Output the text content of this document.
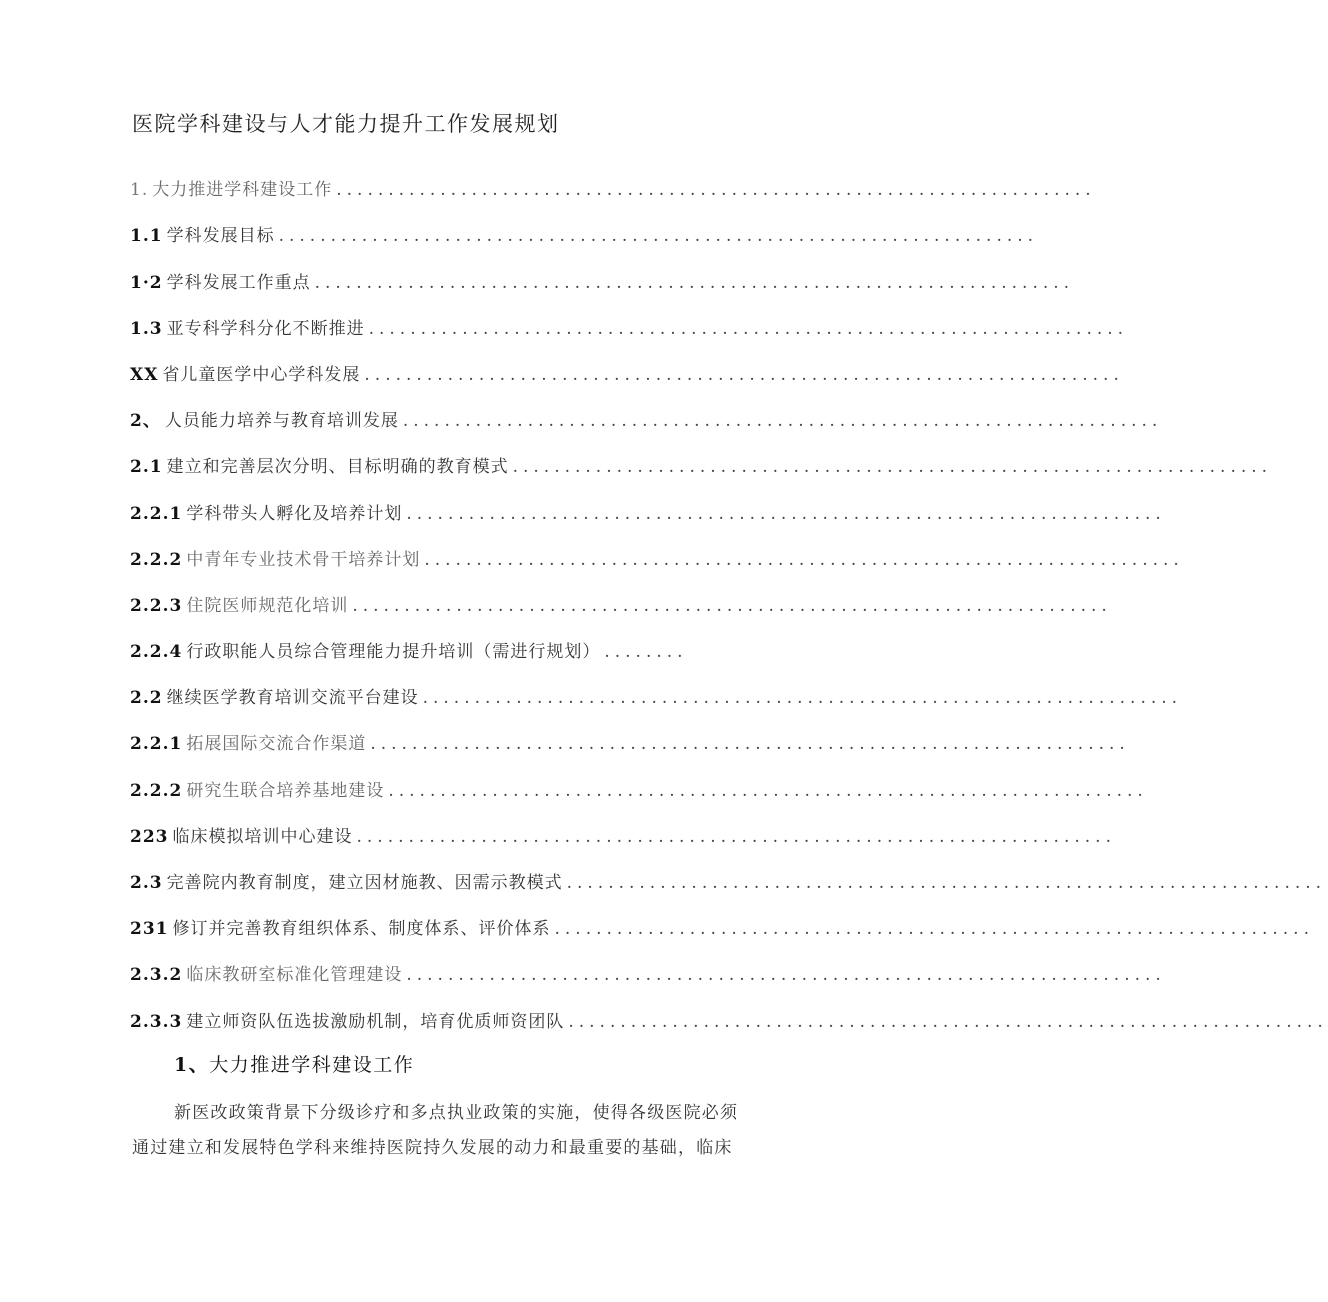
医院学科建设与人才能力提升工作发展规划
1. 大力推进学科建设工作 .........................................................................
1.1 学科发展目标 .........................................................................
1·2 学科发展工作重点 .........................................................................
1.3 亚专科学科分化不断推进 .........................................................................
XX 省儿童医学中心学科发展 .........................................................................
2、 人员能力培养与教育培训发展 .........................................................................
2.1 建立和完善层次分明、目标明确的教育模式 .........................................................................
2.2.1 学科带头人孵化及培养计划 .........................................................................
2.2.2 中青年专业技术骨干培养计划 .........................................................................
2.2.3 住院医师规范化培训 .........................................................................
2.2.4 行政职能人员综合管理能力提升培训（需进行规划） ........
2.2 继续医学教育培训交流平台建设 .........................................................................
2.2.1 拓展国际交流合作渠道 .........................................................................
2.2.2 研究生联合培养基地建设 .........................................................................
223 临床模拟培训中心建设 .........................................................................
2.3 完善院内教育制度，建立因材施教、因需示教模式 .........................................................................
231 修订并完善教育组织体系、制度体系、评价体系 .........................................................................
2.3.2 临床教研室标准化管理建设 .........................................................................
2.3.3 建立师资队伍选拔激励机制，培育优质师资团队 .........................................................................
1、大力推进学科建设工作
新医改政策背景下分级诊疗和多点执业政策的实施，使得各级医院必须
通过建立和发展特色学科来维持医院持久发展的动力和最重要的基础，临床
